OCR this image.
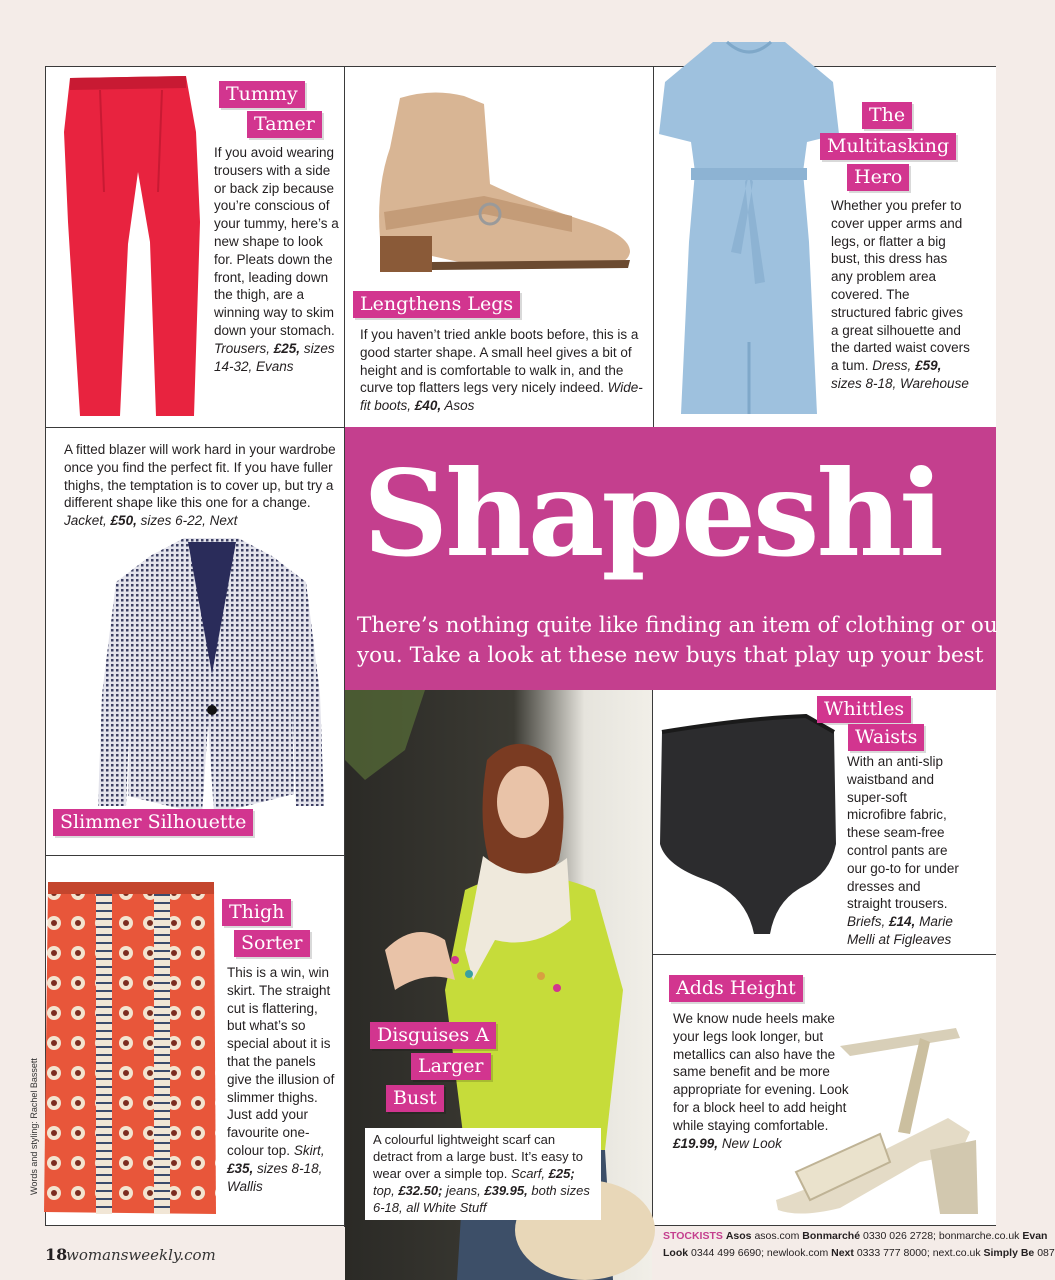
Tummy
Tamer
If you avoid wearing trousers with a side or back zip because you’re conscious of your tummy, here’s a new shape to look for. Pleats down the front, leading down the thigh, are a winning way to skim down your stomach. Trousers, £25, sizes 14-32, Evans
Lengthens Legs
If you haven’t tried ankle boots before, this is a good starter shape. A small heel gives a bit of height and is comfortable to walk in, and the curve top flatters legs very nicely indeed. Wide-fit boots, £40, Asos
The
Multitasking
Hero
Whether you prefer to cover upper arms and legs, or flatter a big bust, this dress has any problem area covered. The structured fabric gives a great silhouette and the darted waist covers a tum. Dress, £59, sizes 8-18, Warehouse
A fitted blazer will work hard in your wardrobe once you find the perfect fit. If you have fuller thighs, the temptation is to cover up, but try a different shape like this one for a change. Jacket, £50, sizes 6-22, Next
Slimmer Silhouette
Shapeshi
There’s nothing quite like finding an item of clothing or ou
you. Take a look at these new buys that play up your best
Disguises A
Larger
Bust
A colourful lightweight scarf can detract from a large bust. It’s easy to wear over a simple top. Scarf, £25; top, £32.50; jeans, £39.95, both sizes 6-18, all White Stuff
Whittles
Waists
With an anti-slip waistband and super-soft microfibre fabric, these seam-free control pants are our go-to for under dresses and straight trousers. Briefs, £14, Marie Melli at Figleaves
Thigh
Sorter
This is a win, win skirt. The straight cut is flattering, but what’s so special about it is that the panels give the illusion of slimmer thighs. Just add your favourite one-colour top. Skirt, £35, sizes 8-18, Wallis
Adds Height
We know nude heels make your legs look longer, but metallics can also have the same benefit and be more appropriate for evening. Look for a block heel to add height while staying comfortable. £19.99, New Look
Words and styling: Rachel Bassett
18
womansweekly.com
STOCKISTS Asos asos.com Bonmarché 0330 026 2728; bonmarche.co.uk Evan
Look 0344 499 6690; newlook.com Next 0333 777 8000; next.co.uk Simply Be 087
